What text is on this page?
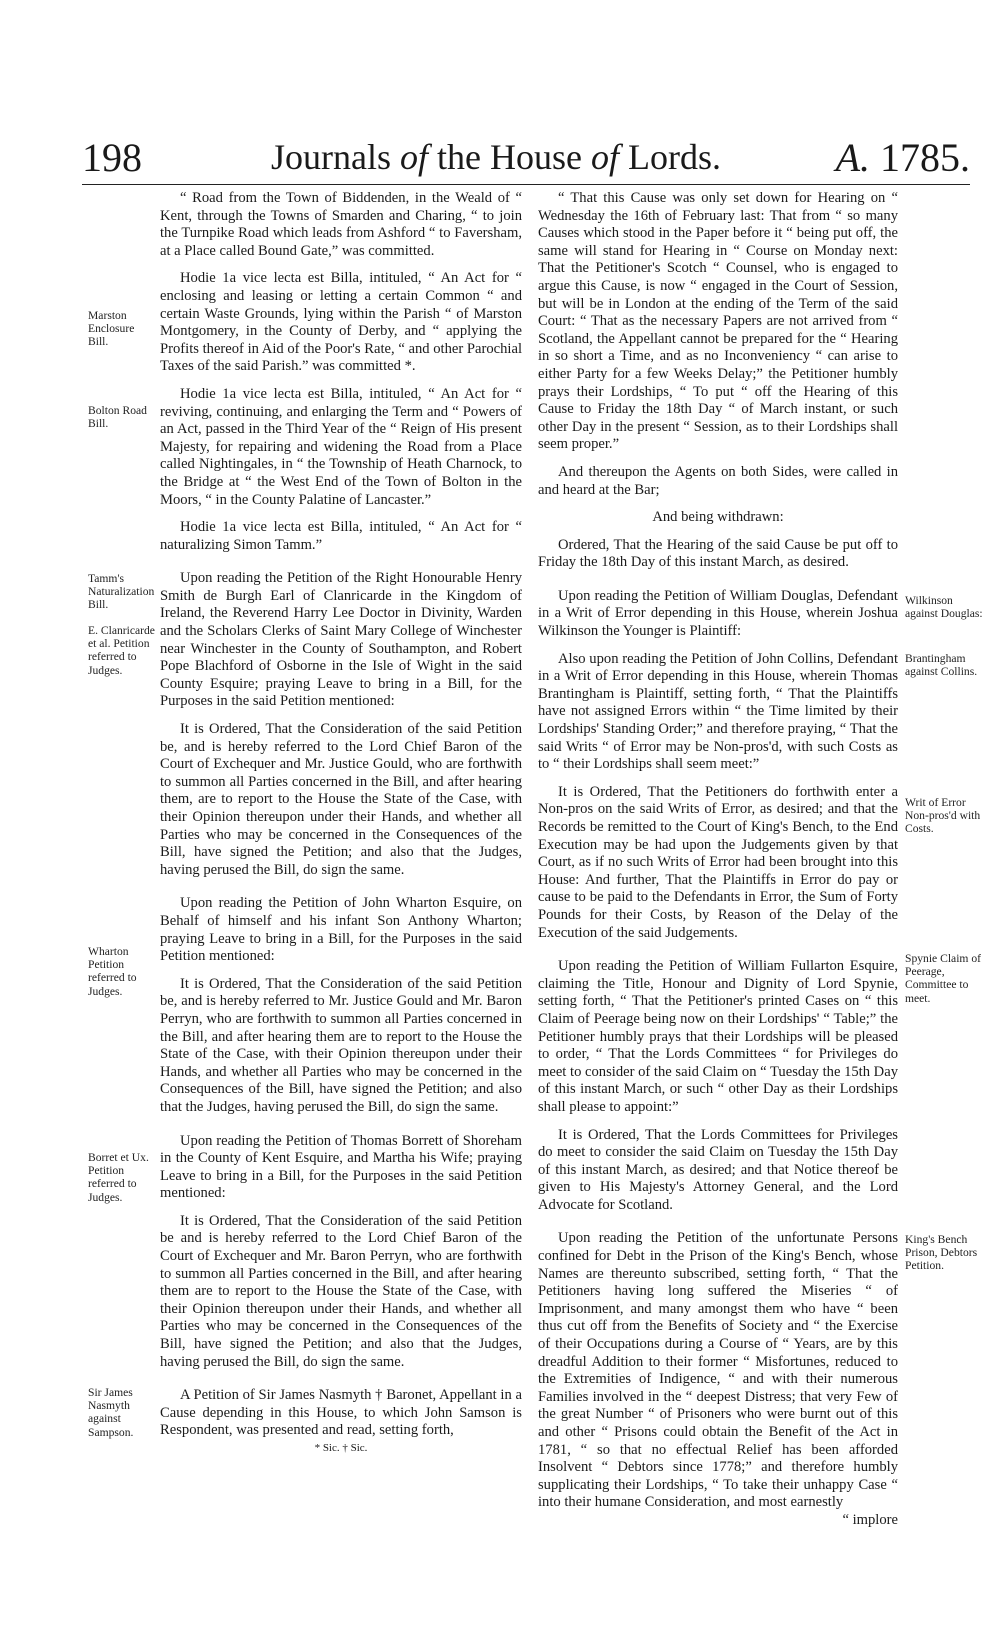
198	Journals of the House of Lords.	A. 1785.
Marston Enclosure Bill.
Bolton Road Bill.
Tamm's Naturalization Bill.
E. Clanricarde et al. Petition referred to Judges.
Wharton Petition referred to Judges.
Borret et Ux. Petition referred to Judges.
Sir James Nasmyth against Sampson.
Wilkinson against Douglas:
Brantingham against Collins.
Writ of Error Non-pros'd with Costs.
Spynie Claim of Peerage, Committee to meet.
King's Bench Prison, Debtors Petition.

“ Road from the Town of Biddenden, in the Weald of “ Kent, through the Towns of Smarden and Charing, “ to join the Turnpike Road which leads from Ashford “ to Faversham, at a Place called Bound Gate,” was committed.

Hodie 1a vice lecta est Billa, intituled, “ An Act for “ enclosing and leasing or letting a certain Common “ and certain Waste Grounds, lying within the Parish “ of Marston Montgomery, in the County of Derby, and “ applying the Profits thereof in Aid of the Poor's Rate, “ and other Parochial Taxes of the said Parish.” was committed *.

Hodie 1a vice lecta est Billa, intituled, “ An Act for “ reviving, continuing, and enlarging the Term and “ Powers of an Act, passed in the Third Year of the “ Reign of His present Majesty, for repairing and widening the Road from a Place called Nightingales, in “ the Township of Heath Charnock, to the Bridge at “ the West End of the Town of Bolton in the Moors, “ in the County Palatine of Lancaster.”

Hodie 1a vice lecta est Billa, intituled, “ An Act for “ naturalizing Simon Tamm.”

Upon reading the Petition of the Right Honourable Henry Smith de Burgh Earl of Clanricarde in the Kingdom of Ireland, the Reverend Harry Lee Doctor in Divinity, Warden and the Scholars Clerks of Saint Mary College of Winchester near Winchester in the County of Southampton, and Robert Pope Blachford of Osborne in the Isle of Wight in the said County Esquire; praying Leave to bring in a Bill, for the Purposes in the said Petition mentioned:

It is Ordered, That the Consideration of the said Petition be, and is hereby referred to the Lord Chief Baron of the Court of Exchequer and Mr. Justice Gould, who are forthwith to summon all Parties concerned in the Bill, and after hearing them, are to report to the House the State of the Case, with their Opinion thereupon under their Hands, and whether all Parties who may be concerned in the Consequences of the Bill, have signed the Petition; and also that the Judges, having perused the Bill, do sign the same.

Upon reading the Petition of John Wharton Esquire, on Behalf of himself and his infant Son Anthony Wharton; praying Leave to bring in a Bill, for the Purposes in the said Petition mentioned:

It is Ordered, That the Consideration of the said Petition be, and is hereby referred to Mr. Justice Gould and Mr. Baron Perryn, who are forthwith to summon all Parties concerned in the Bill, and after hearing them are to report to the House the State of the Case, with their Opinion thereupon under their Hands, and whether all Parties who may be concerned in the Consequences of the Bill, have signed the Petition; and also that the Judges, having perused the Bill, do sign the same.

Upon reading the Petition of Thomas Borrett of Shoreham in the County of Kent Esquire, and Martha his Wife; praying Leave to bring in a Bill, for the Purposes in the said Petition mentioned:

It is Ordered, That the Consideration of the said Petition be and is hereby referred to the Lord Chief Baron of the Court of Exchequer and Mr. Baron Perryn, who are forthwith to summon all Parties concerned in the Bill, and after hearing them are to report to the House the State of the Case, with their Opinion thereupon under their Hands, and whether all Parties who may be concerned in the Consequences of the Bill, have signed the Petition; and also that the Judges, having perused the Bill, do sign the same.

A Petition of Sir James Nasmyth † Baronet, Appellant in a Cause depending in this House, to which John Samson is Respondent, was presented and read, setting forth,

* Sic. † Sic.

“ That this Cause was only set down for Hearing on “ Wednesday the 16th of February last: That from “ so many Causes which stood in the Paper before it “ being put off, the same will stand for Hearing in “ Course on Monday next: That the Petitioner's Scotch “ Counsel, who is engaged to argue this Cause, is now “ engaged in the Court of Session, but will be in London at the ending of the Term of the said Court: “ That as the necessary Papers are not arrived from “ Scotland, the Appellant cannot be prepared for the “ Hearing in so short a Time, and as no Inconveniency “ can arise to either Party for a few Weeks Delay;” the Petitioner humbly prays their Lordships, “ To put “ off the Hearing of this Cause to Friday the 18th Day “ of March instant, or such other Day in the present “ Session, as to their Lordships shall seem proper.”

And thereupon the Agents on both Sides, were called in and heard at the Bar;

And being withdrawn:

Ordered, That the Hearing of the said Cause be put off to Friday the 18th Day of this instant March, as desired.

Upon reading the Petition of William Douglas, Defendant in a Writ of Error depending in this House, wherein Joshua Wilkinson the Younger is Plaintiff:

Also upon reading the Petition of John Collins, Defendant in a Writ of Error depending in this House, wherein Thomas Brantingham is Plaintiff, setting forth, “ That the Plaintiffs have not assigned Errors within “ the Time limited by their Lordships' Standing Order;” and therefore praying, “ That the said Writs “ of Error may be Non-pros'd, with such Costs as to “ their Lordships shall seem meet:”

It is Ordered, That the Petitioners do forthwith enter a Non-pros on the said Writs of Error, as desired; and that the Records be remitted to the Court of King's Bench, to the End Execution may be had upon the Judgements given by that Court, as if no such Writs of Error had been brought into this House: And further, That the Plaintiffs in Error do pay or cause to be paid to the Defendants in Error, the Sum of Forty Pounds for their Costs, by Reason of the Delay of the Execution of the said Judgements.

Upon reading the Petition of William Fullarton Esquire, claiming the Title, Honour and Dignity of Lord Spynie, setting forth, “ That the Petitioner's printed Cases on “ this Claim of Peerage being now on their Lordships' “ Table;” the Petitioner humbly prays that their Lordships will be pleased to order, “ That the Lords Committees “ for Privileges do meet to consider of the said Claim on “ Tuesday the 15th Day of this instant March, or such “ other Day as their Lordships shall please to appoint:”

It is Ordered, That the Lords Committees for Privileges do meet to consider the said Claim on Tuesday the 15th Day of this instant March, as desired; and that Notice thereof be given to His Majesty's Attorney General, and the Lord Advocate for Scotland.

Upon reading the Petition of the unfortunate Persons confined for Debt in the Prison of the King's Bench, whose Names are thereunto subscribed, setting forth, “ That the Petitioners having long suffered the Miseries “ of Imprisonment, and many amongst them who have “ been thus cut off from the Benefits of Society and “ the Exercise of their Occupations during a Course of “ Years, are by this dreadful Addition to their former “ Misfortunes, reduced to the Extremities of Indigence, “ and with their numerous Families involved in the “ deepest Distress; that very Few of the great Number “ of Prisoners who were burnt out of this and other “ Prisons could obtain the Benefit of the Act in 1781, “ so that no effectual Relief has been afforded Insolvent “ Debtors since 1778;” and therefore humbly supplicating their Lordships, “ To take their unhappy Case “ into their humane Consideration, and most earnestly

“ implore
